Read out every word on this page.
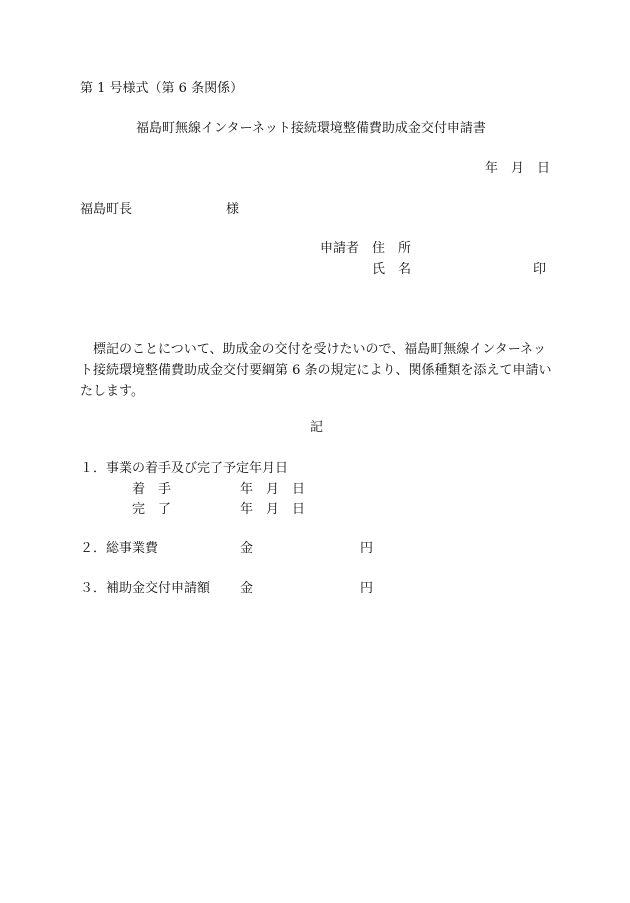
第 1 号様式（第 6 条関係）
福島町無線インターネット接続環境整備費助成金交付申請書
年 月 日
福島町長	様
申請者 住　所
氏　名	印
標記のことについて、助成金の交付を受けたいので、福島町無線インターネット接続環境整備費助成金交付要綱第 6 条の規定により、関係種類を添えて申請いたします。
記
１．事業の着手及び完了予定年月日
着　手	年　月　日
完　了	年　月　日
２．総事業費	金	円
３．補助金交付申請額 金	円
